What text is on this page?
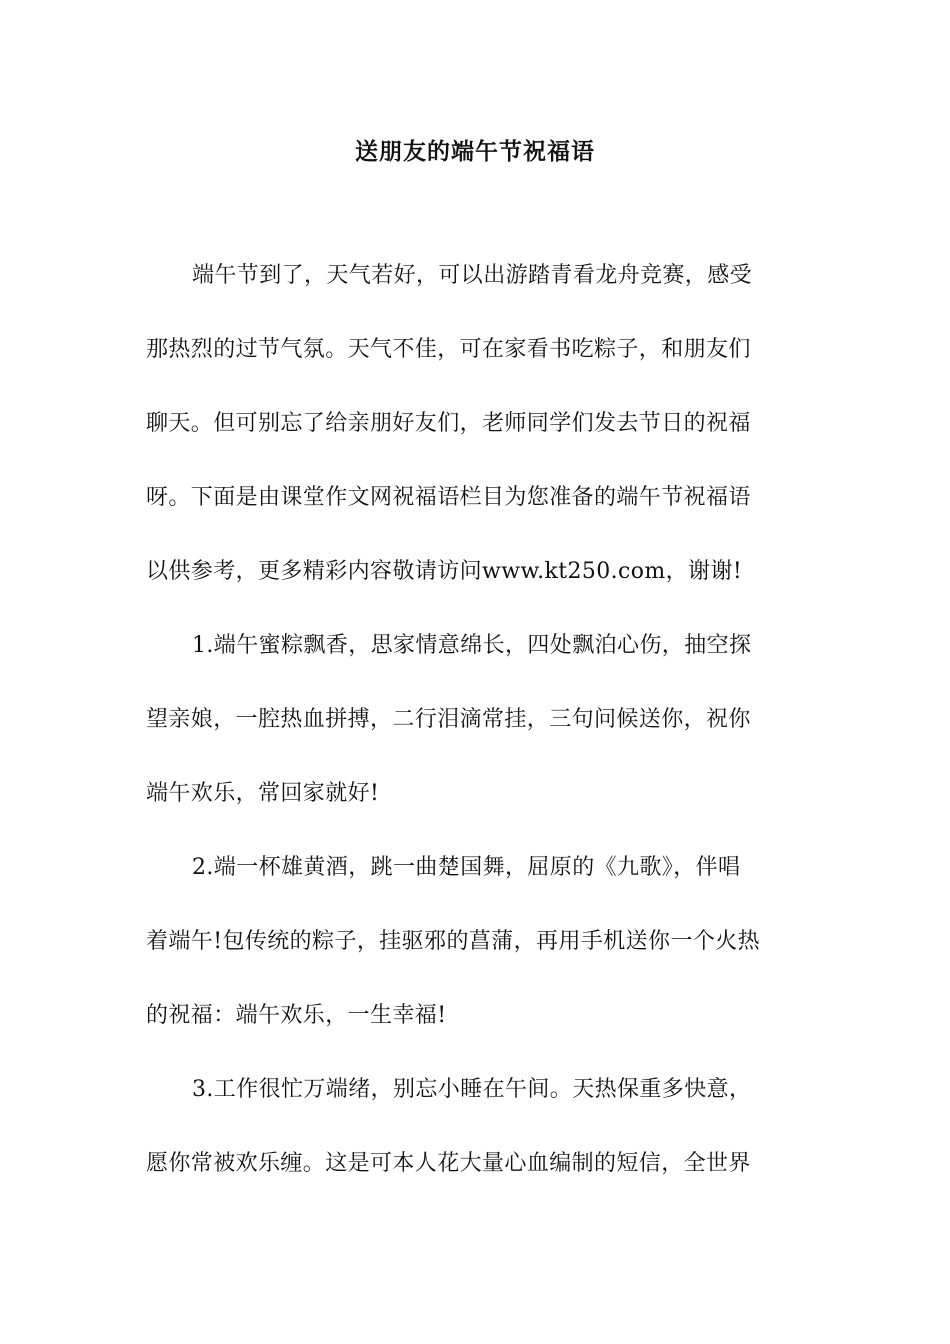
送朋友的端午节祝福语
端午节到了，天气若好，可以出游踏青看龙舟竞赛，感受
那热烈的过节气氛。天气不佳，可在家看书吃粽子，和朋友们
聊天。但可别忘了给亲朋好友们，老师同学们发去节日的祝福
呀。下面是由课堂作文网祝福语栏目为您准备的端午节祝福语
以供参考，更多精彩内容敬请访问www.kt250.com，谢谢!
1.端午蜜粽飘香，思家情意绵长，四处飘泊心伤，抽空探
望亲娘，一腔热血拼搏，二行泪滴常挂，三句问候送你，祝你
端午欢乐，常回家就好!
2.端一杯雄黄酒，跳一曲楚国舞，屈原的《九歌》，伴唱
着端午!包传统的粽子，挂驱邪的菖蒲，再用手机送你一个火热
的祝福：端午欢乐，一生幸福!
3.工作很忙万端绪，别忘小睡在午间。天热保重多快意，
愿你常被欢乐缠。这是可本人花大量心血编制的短信，全世界
